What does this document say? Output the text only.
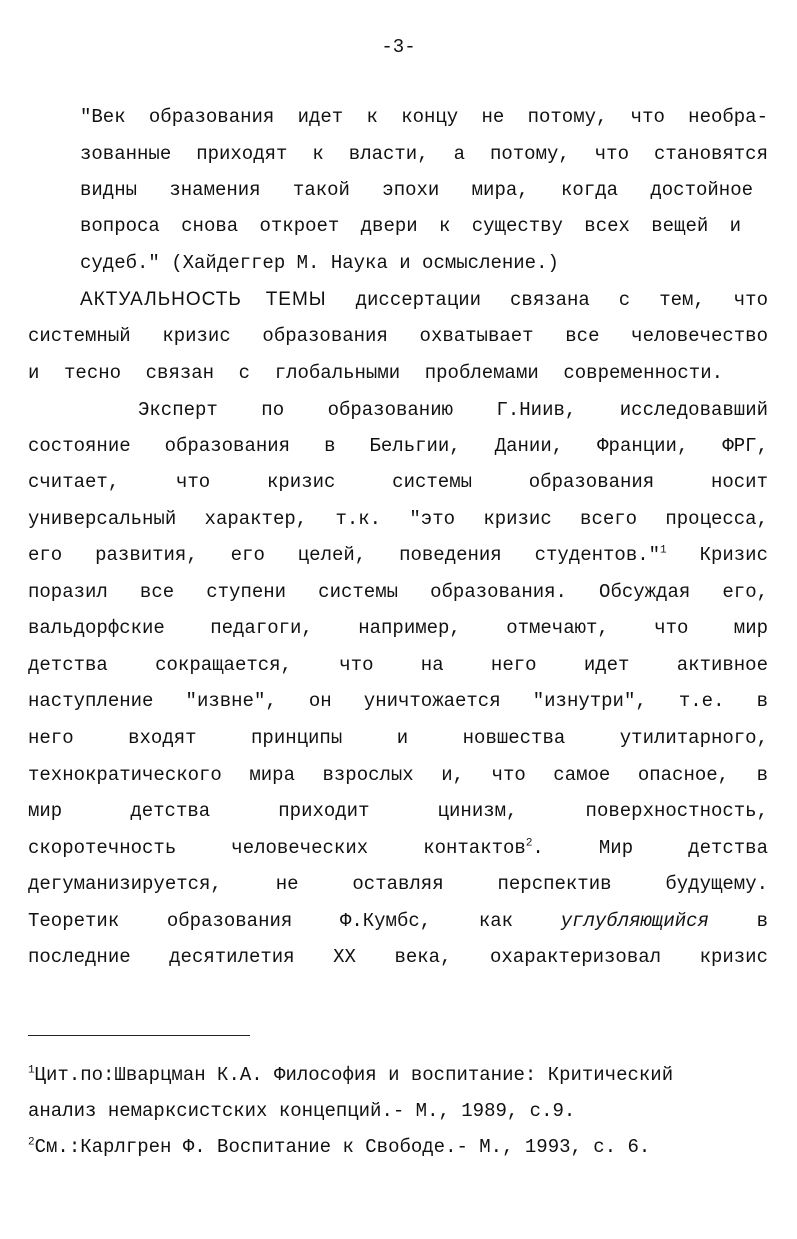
-3-
"Век образования идет к концу не потому, что необра-
зованные приходят к власти, а потому, что становятся
видны знамения такой эпохи мира, когда достойное
вопроса снова откроет двери к существу всех вещей и
судеб." (Хайдеггер М. Наука и осмысление.)
АКТУАЛЬНОСТЬ ТЕМЫ диссертации связана с тем, что
системный кризис образования охватывает все человечество
и тесно связан с глобальными проблемами современности.
Эксперт по образованию Г.Ниив, исследовавший
состояние образования в Бельгии, Дании, Франции, ФРГ,
считает, что кризис системы образования носит
универсальный характер, т.к. "это кризис всего процесса,
его развития, его целей, поведения студентов."$^1$ Кризис
поразил все ступени системы образования. Обсуждая его,
вальдорфские педагоги, например, отмечают, что мир
детства сокращается, что на него идет активное
наступление "извне", он уничтожается "изнутри", т.е. в
него входят принципы и новшества утилитарного,
технократического мира взрослых и, что самое опасное, в
мир детства приходит цинизм, поверхностность,
скоротечность человеческих контактов$^2$. Мир детства
дегуманизируется, не оставляя перспектив будущему.
Теоретик образования Ф.Кумбс, как углубляющийся в
последние десятилетия XX века, охарактеризовал кризис
$^1$Цит.по:Шварцман К.А. Философия и воспитание: Критический
анализ немарксистских концепций.- М., 1989, с.9.
$^2$См.:Карлгрен Ф. Воспитание к Свободе.- М., 1993, с. 6.
